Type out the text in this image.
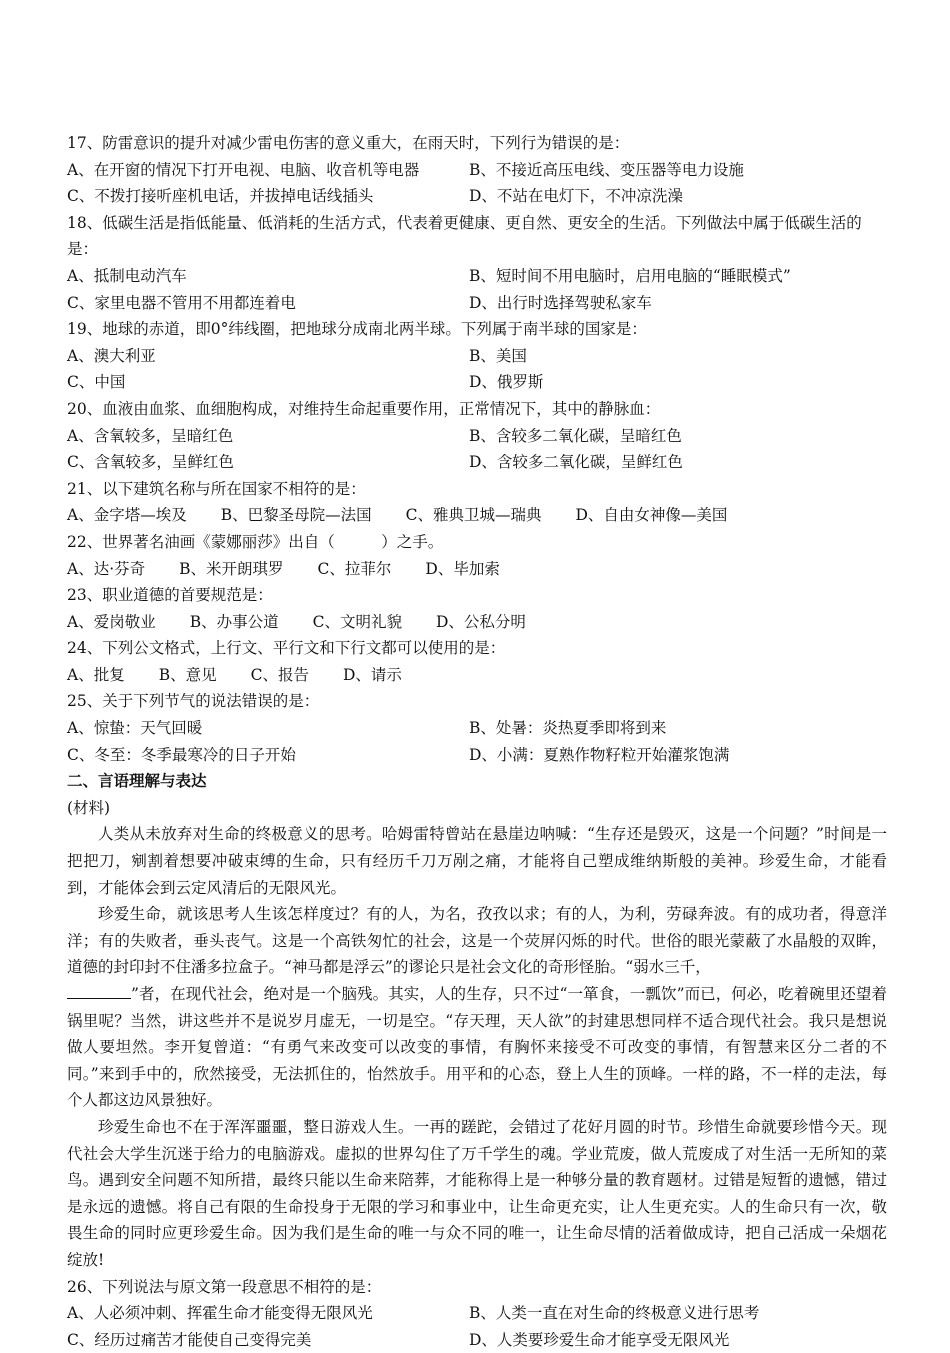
17、防雷意识的提升对减少雷电伤害的意义重大，在雨天时，下列行为错误的是：
A、在开窗的情况下打开电视、电脑、收音机等电器	B、不接近高压电线、变压器等电力设施
C、不拨打接听座机电话，并拔掉电话线插头	D、不站在电灯下，不冲凉洗澡
18、低碳生活是指低能量、低消耗的生活方式，代表着更健康、更自然、更安全的生活。下列做法中属于低碳生活的是：
A、抵制电动汽车	B、短时间不用电脑时，启用电脑的“睡眠模式”
C、家里电器不管用不用都连着电	D、出行时选择驾驶私家车
19、地球的赤道，即0°纬线圈，把地球分成南北两半球。下列属于南半球的国家是：
A、澳大利亚	B、美国
C、中国	D、俄罗斯
20、血液由血浆、血细胞构成，对维持生命起重要作用，正常情况下，其中的静脉血：
A、含氧较多，呈暗红色	B、含较多二氧化碳，呈暗红色
C、含氧较多，呈鲜红色	D、含较多二氧化碳，呈鲜红色
21、以下建筑名称与所在国家不相符的是：
A、金字塔—埃及 B、巴黎圣母院—法国 C、雅典卫城—瑞典 D、自由女神像—美国
22、世界著名油画《蒙娜丽莎》出自（　　　）之手。
A、达·芬奇 B、米开朗琪罗 C、拉菲尔 D、毕加索
23、职业道德的首要规范是：
A、爱岗敬业 B、办事公道 C、文明礼貌 D、公私分明
24、下列公文格式，上行文、平行文和下行文都可以使用的是：
A、批复 B、意见 C、报告 D、请示
25、关于下列节气的说法错误的是：
A、惊蛰：天气回暖	B、处暑：炎热夏季即将到来
C、冬至：冬季最寒冷的日子开始	D、小满：夏熟作物籽粒开始灌浆饱满
二、言语理解与表达
(材料)
人类从未放弃对生命的终极意义的思考。哈姆雷特曾站在悬崖边呐喊：“生存还是毁灭，这是一个问题？”时间是一把把刀，剜割着想要冲破束缚的生命，只有经历千刀万剐之痛，才能将自己塑成维纳斯般的美神。珍爱生命，才能看到，才能体会到云定风清后的无限风光。
珍爱生命，就该思考人生该怎样度过？有的人，为名，孜孜以求；有的人，为利，劳碌奔波。有的成功者，得意洋洋；有的失败者，垂头丧气。这是一个高铁匆忙的社会，这是一个荧屏闪烁的时代。世俗的眼光蒙蔽了水晶般的双眸，道德的封印封不住潘多拉盒子。“神马都是浮云”的谬论只是社会文化的奇形怪胎。“弱水三千，
”者，在现代社会，绝对是一个脑残。其实，人的生存，只不过“一箪食，一瓢饮”而已，何必，吃着碗里还望着锅里呢？当然，讲这些并不是说岁月虚无，一切是空。“存天理，天人欲”的封建思想同样不适合现代社会。我只是想说做人要坦然。李开复曾道：“有勇气来改变可以改变的事情，有胸怀来接受不可改变的事情，有智慧来区分二者的不同。”来到手中的，欣然接受，无法抓住的，怡然放手。用平和的心态，登上人生的顶峰。一样的路，不一样的走法，每个人都这边风景独好。
珍爱生命也不在于浑浑噩噩，整日游戏人生。一再的蹉跎，会错过了花好月圆的时节。珍惜生命就要珍惜今天。现代社会大学生沉迷于给力的电脑游戏。虚拟的世界勾住了万千学生的魂。学业荒废，做人荒废成了对生活一无所知的菜鸟。遇到安全问题不知所措，最终只能以生命来陪葬，才能称得上是一种够分量的教育题材。过错是短暂的遗憾，错过是永远的遗憾。将自己有限的生命投身于无限的学习和事业中，让生命更充实，让人生更充实。人的生命只有一次，敬畏生命的同时应更珍爱生命。因为我们是生命的唯一与众不同的唯一，让生命尽情的活着做成诗，把自己活成一朵烟花绽放!
26、下列说法与原文第一段意思不相符的是：
A、人必须冲刺、挥霍生命才能变得无限风光	B、人类一直在对生命的终极意义进行思考
C、经历过痛苦才能使自己变得完美	D、人类要珍爱生命才能享受无限风光
